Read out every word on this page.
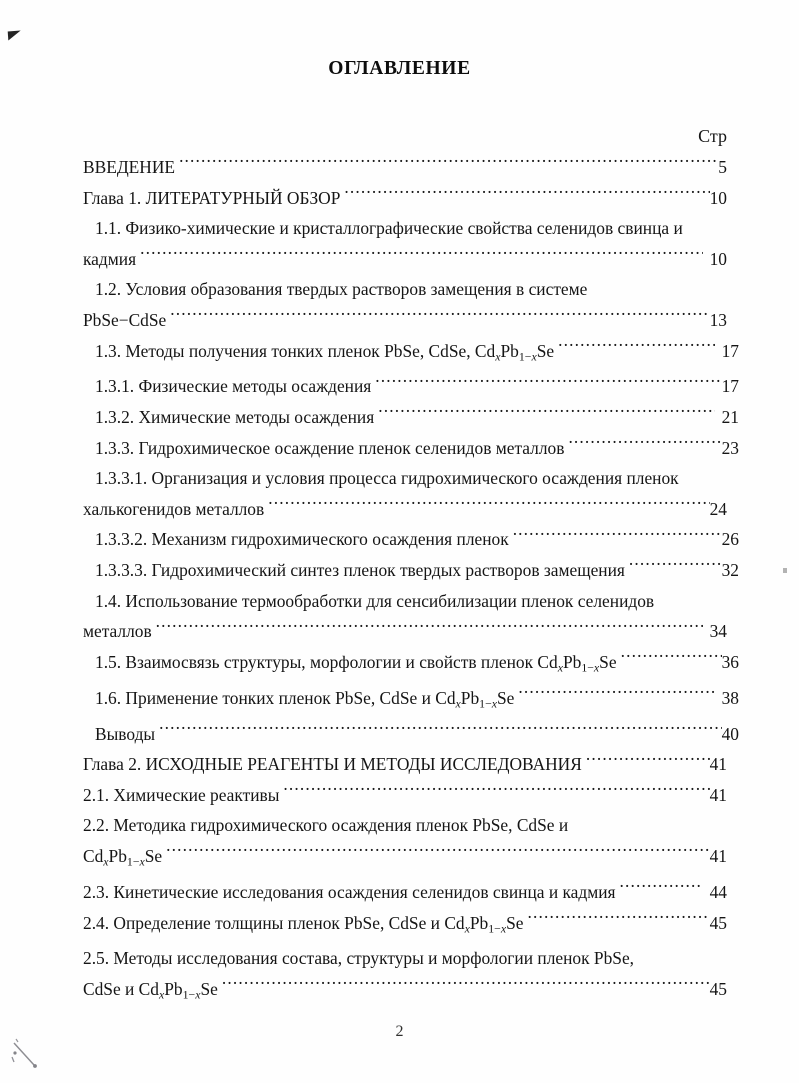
ОГЛАВЛЕНИЕ
Стр
ВВЕДЕНИЕ .....	5
Глава 1. ЛИТЕРАТУРНЫЙ ОБЗОР .....	10
1.1. Физико-химические и кристаллографические свойства селенидов свинца и
кадмия .....	10
1.2. Условия образования твердых растворов замещения в системе
PbSe−CdSe .....	13
1.3. Методы получения тонких пленок PbSe, CdSe, $Cd_xPb_{1-x}Se$ .....	17
1.3.1. Физические методы осаждения .....	17
1.3.2. Химические методы осаждения .....	21
1.3.3. Гидрохимическое осаждение пленок селенидов металлов .....	23
1.3.3.1. Организация и условия процесса гидрохимического осаждения пленок
халькогенидов металлов .....	24
1.3.3.2. Механизм гидрохимического осаждения пленок .....	26
1.3.3.3. Гидрохимический синтез пленок твердых растворов замещения .....	32
1.4. Использование термообработки для сенсибилизации пленок селенидов
металлов .....	34
1.5. Взаимосвязь структуры, морфологии и свойств пленок $Cd_xPb_{1-x}Se$ .....	36
1.6. Применение тонких пленок PbSe, CdSe и $Cd_xPb_{1-x}Se$ .....	38
Выводы .....	40
Глава 2. ИСХОДНЫЕ РЕАГЕНТЫ И МЕТОДЫ ИССЛЕДОВАНИЯ .....	41
2.1. Химические реактивы .....	41
2.2. Методика гидрохимического осаждения пленок PbSe, CdSe и
$Cd_xPb_{1-x}Se$ .....	41
2.3. Кинетические исследования осаждения селенидов свинца и кадмия .....	44
2.4. Определение толщины пленок PbSe, CdSe и $Cd_xPb_{1-x}Se$ .....	45
2.5. Методы исследования состава, структуры и морфологии пленок PbSe,
CdSe и $Cd_xPb_{1-x}Se$ .....	45
2
